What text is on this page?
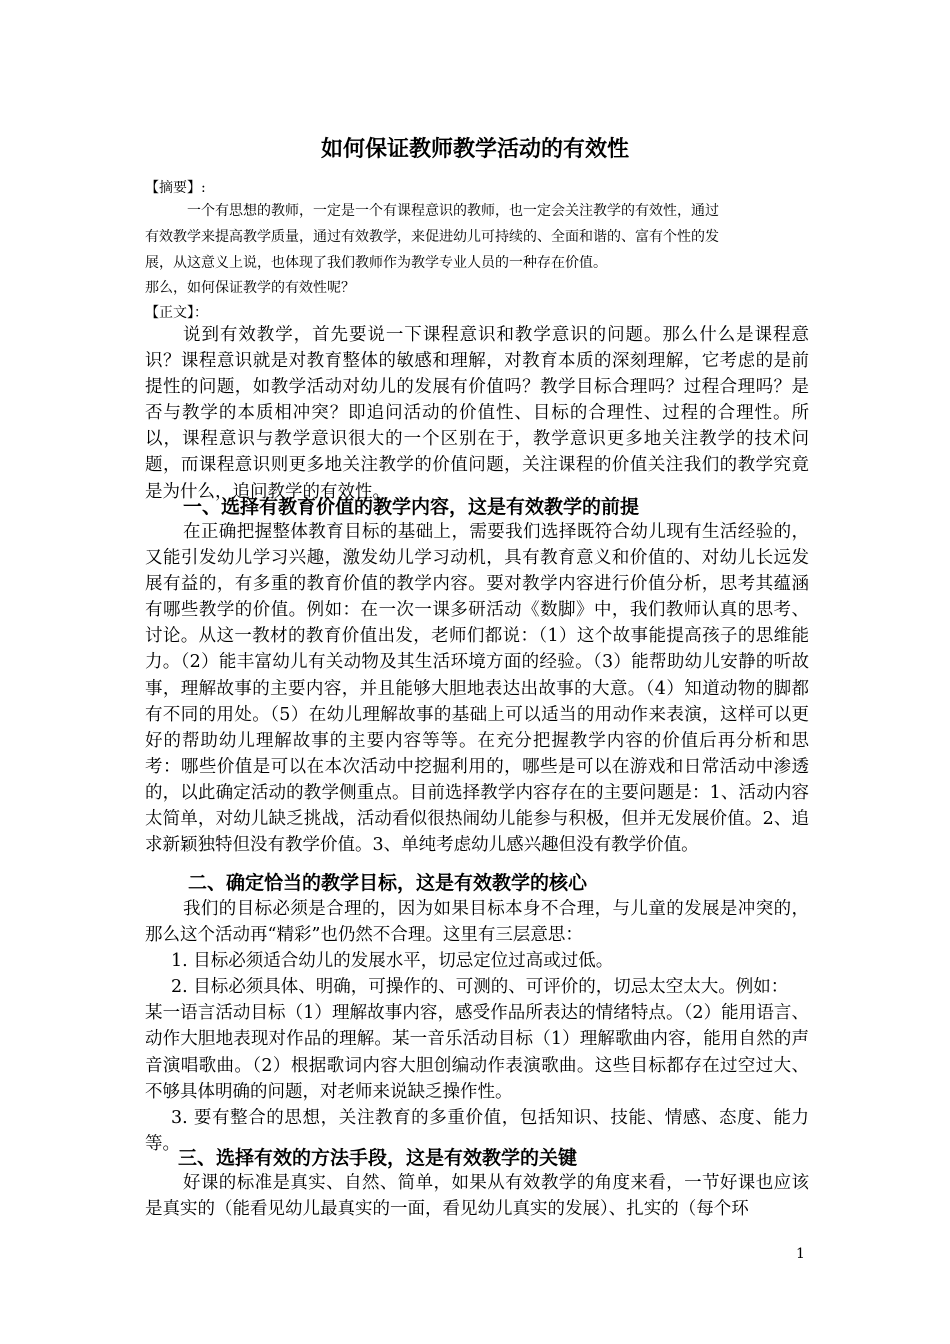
如何保证教师教学活动的有效性
【摘要】:

一个有思想的教师，一定是一个有课程意识的教师，也一定会关注教学的有效性，通过

有效教学来提高教学质量，通过有效教学，来促进幼儿可持续的、全面和谐的、富有个性的发

展，从这意义上说，也体现了我们教师作为教学专业人员的一种存在价值。

那么，如何保证教学的有效性呢？
【正文】：

说到有效教学，首先要说一下课程意识和教学意识的问题。那么什么是课程意识？课程意识就是对教育整体的敏感和理解，对教育本质的深刻理解，它考虑的是前提性的问题，如教学活动对幼儿的发展有价值吗？教学目标合理吗？过程合理吗？是否与教学的本质相冲突？即追问活动的价值性、目标的合理性、过程的合理性。所以，课程意识与教学意识很大的一个区别在于，教学意识更多地关注教学的技术问题，而课程意识则更多地关注教学的价值问题，关注课程的价值关注我们的教学究竟是为什么，追问教学的有效性。

一、选择有教育价值的教学内容，这是有效教学的前提

在正确把握整体教育目标的基础上，需要我们选择既符合幼儿现有生活经验的，又能引发幼儿学习兴趣，激发幼儿学习动机，具有教育意义和价值的、对幼儿长远发展有益的，有多重的教育价值的教学内容。要对教学内容进行价值分析，思考其蕴涵有哪些教学的价值。例如：在一次一课多研活动《数脚》中，我们教师认真的思考、讨论。从这一教材的教育价值出发，老师们都说：（1）这个故事能提高孩子的思维能力。（2）能丰富幼儿有关动物及其生活环境方面的经验。（3）能帮助幼儿安静的听故事，理解故事的主要内容，并且能够大胆地表达出故事的大意。（4）知道动物的脚都有不同的用处。（5）在幼儿理解故事的基础上可以适当的用动作来表演，这样可以更好的帮助幼儿理解故事的主要内容等等。在充分把握教学内容的价值后再分析和思考：哪些价值是可以在本次活动中挖掘利用的，哪些是可以在游戏和日常活动中渗透的，以此确定活动的教学侧重点。目前选择教学内容存在的主要问题是：1、活动内容太简单，对幼儿缺乏挑战，活动看似很热闹幼儿能参与积极，但并无发展价值。2、追求新颖独特但没有教学价值。3、单纯考虑幼儿感兴趣但没有教学价值。

二、确定恰当的教学目标，这是有效教学的核心

我们的目标必须是合理的，因为如果目标本身不合理，与儿童的发展是冲突的，那么这个活动再“精彩”也仍然不合理。这里有三层意思：

1. 目标必须适合幼儿的发展水平，切忌定位过高或过低。

2. 目标必须具体、明确，可操作的、可测的、可评价的，切忌太空太大。例如：

某一语言活动目标（1）理解故事内容，感受作品所表达的情绪特点。（2）能用语言、动作大胆地表现对作品的理解。某一音乐活动目标（1）理解歌曲内容，能用自然的声音演唱歌曲。（2）根据歌词内容大胆创编动作表演歌曲。这些目标都存在过空过大、不够具体明确的问题，对老师来说缺乏操作性。

3. 要有整合的思想，关注教育的多重价值，包括知识、技能、情感、态度、能力等。

三、选择有效的方法手段，这是有效教学的关键

好课的标准是真实、自然、简单，如果从有效教学的角度来看，一节好课也应该是真实的（能看见幼儿最真实的一面，看见幼儿真实的发展）、扎实的（每个环

1
